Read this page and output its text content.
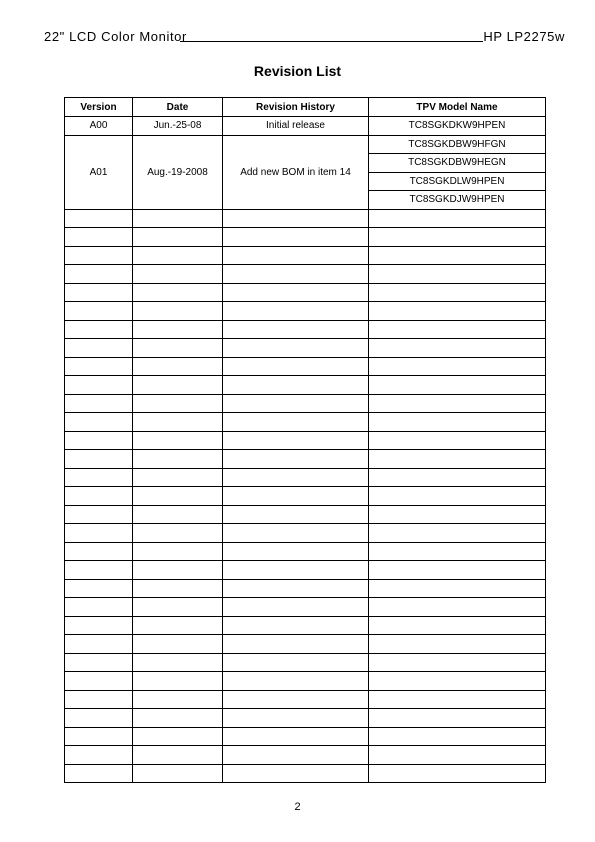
22" LCD Color Monitor	HP LP2275w
Revision List
Version	Date	Revision History	TPV Model Name
A00	Jun.-25-08	Initial release	TC8SGKDKW9HPEN
A01	Aug.-19-2008	Add new BOM in item 14	TC8SGKDBW9HFGN
			TC8SGKDBW9HEGN
			TC8SGKDLW9HPEN
			TC8SGKDJW9HPEN

2
